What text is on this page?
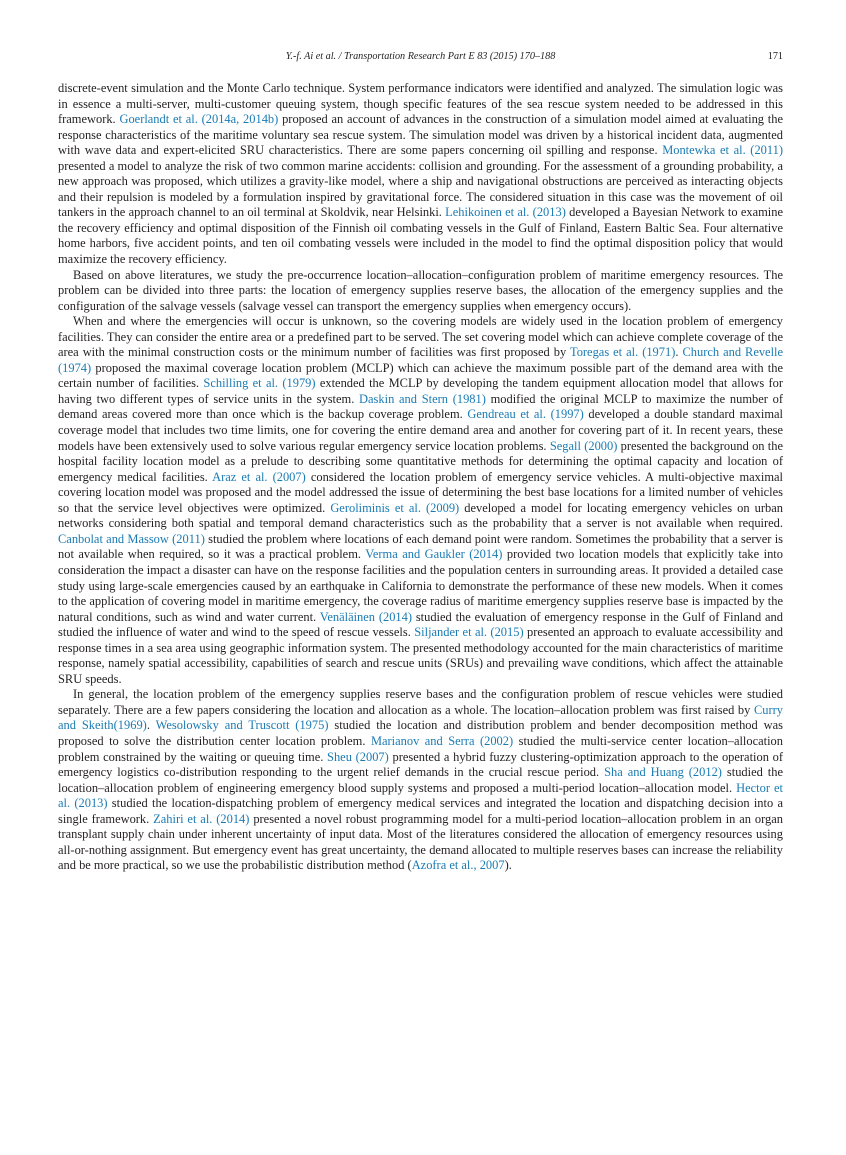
Y.-f. Ai et al. / Transportation Research Part E 83 (2015) 170–188	171

discrete-event simulation and the Monte Carlo technique. System performance indicators were identified and analyzed. The simulation logic was in essence a multi-server, multi-customer queuing system, though specific features of the sea rescue system needed to be addressed in this framework. Goerlandt et al. (2014a, 2014b) proposed an account of advances in the construction of a simulation model aimed at evaluating the response characteristics of the maritime voluntary sea rescue system. The simulation model was driven by a historical incident data, augmented with wave data and expert-elicited SRU characteristics. There are some papers concerning oil spilling and response. Montewka et al. (2011) presented a model to analyze the risk of two common marine accidents: collision and grounding. For the assessment of a grounding probability, a new approach was proposed, which utilizes a gravity-like model, where a ship and navigational obstructions are perceived as interacting objects and their repulsion is modeled by a formulation inspired by gravitational force. The considered situation in this case was the movement of oil tankers in the approach channel to an oil terminal at Skoldvik, near Helsinki. Lehikoinen et al. (2013) developed a Bayesian Network to examine the recovery efficiency and optimal disposition of the Finnish oil combating vessels in the Gulf of Finland, Eastern Baltic Sea. Four alternative home harbors, five accident points, and ten oil combating vessels were included in the model to find the optimal disposition policy that would maximize the recovery efficiency.

Based on above literatures, we study the pre-occurrence location–allocation–configuration problem of maritime emergency resources. The problem can be divided into three parts: the location of emergency supplies reserve bases, the allocation of the emergency supplies and the configuration of the salvage vessels (salvage vessel can transport the emergency supplies when emergency occurs).

When and where the emergencies will occur is unknown, so the covering models are widely used in the location problem of emergency facilities. They can consider the entire area or a predefined part to be served. The set covering model which can achieve complete coverage of the area with the minimal construction costs or the minimum number of facilities was first proposed by Toregas et al. (1971). Church and Revelle (1974) proposed the maximal coverage location problem (MCLP) which can achieve the maximum possible part of the demand area with the certain number of facilities. Schilling et al. (1979) extended the MCLP by developing the tandem equipment allocation model that allows for having two different types of service units in the system. Daskin and Stern (1981) modified the original MCLP to maximize the number of demand areas covered more than once which is the backup coverage problem. Gendreau et al. (1997) developed a double standard maximal coverage model that includes two time limits, one for covering the entire demand area and another for covering part of it. In recent years, these models have been extensively used to solve various regular emergency service location problems. Segall (2000) presented the background on the hospital facility location model as a prelude to describing some quantitative methods for determining the optimal capacity and location of emergency medical facilities. Araz et al. (2007) considered the location problem of emergency service vehicles. A multi-objective maximal covering location model was proposed and the model addressed the issue of determining the best base locations for a limited number of vehicles so that the service level objectives were optimized. Geroliminis et al. (2009) developed a model for locating emergency vehicles on urban networks considering both spatial and temporal demand characteristics such as the probability that a server is not available when required. Canbolat and Massow (2011) studied the problem where locations of each demand point were random. Sometimes the probability that a server is not available when required, so it was a practical problem. Verma and Gaukler (2014) provided two location models that explicitly take into consideration the impact a disaster can have on the response facilities and the population centers in surrounding areas. It provided a detailed case study using large-scale emergencies caused by an earthquake in California to demonstrate the performance of these new models. When it comes to the application of covering model in maritime emergency, the coverage radius of maritime emergency supplies reserve base is impacted by the natural conditions, such as wind and water current. Venäläinen (2014) studied the evaluation of emergency response in the Gulf of Finland and studied the influence of water and wind to the speed of rescue vessels. Siljander et al. (2015) presented an approach to evaluate accessibility and response times in a sea area using geographic information system. The presented methodology accounted for the main characteristics of maritime response, namely spatial accessibility, capabilities of search and rescue units (SRUs) and prevailing wave conditions, which affect the attainable SRU speeds.

In general, the location problem of the emergency supplies reserve bases and the configuration problem of rescue vehicles were studied separately. There are a few papers considering the location and allocation as a whole. The location–allocation problem was first raised by Curry and Skeith(1969). Wesolowsky and Truscott (1975) studied the location and distribution problem and bender decomposition method was proposed to solve the distribution center location problem. Marianov and Serra (2002) studied the multi-service center location–allocation problem constrained by the waiting or queuing time. Sheu (2007) presented a hybrid fuzzy clustering-optimization approach to the operation of emergency logistics co-distribution responding to the urgent relief demands in the crucial rescue period. Sha and Huang (2012) studied the location–allocation problem of engineering emergency blood supply systems and proposed a multi-period location–allocation model. Hector et al. (2013) studied the location-dispatching problem of emergency medical services and integrated the location and dispatching decision into a single framework. Zahiri et al. (2014) presented a novel robust programming model for a multi-period location–allocation problem in an organ transplant supply chain under inherent uncertainty of input data. Most of the literatures considered the allocation of emergency resources using all-or-nothing assignment. But emergency event has great uncertainty, the demand allocated to multiple reserves bases can increase the reliability and be more practical, so we use the probabilistic distribution method (Azofra et al., 2007).
